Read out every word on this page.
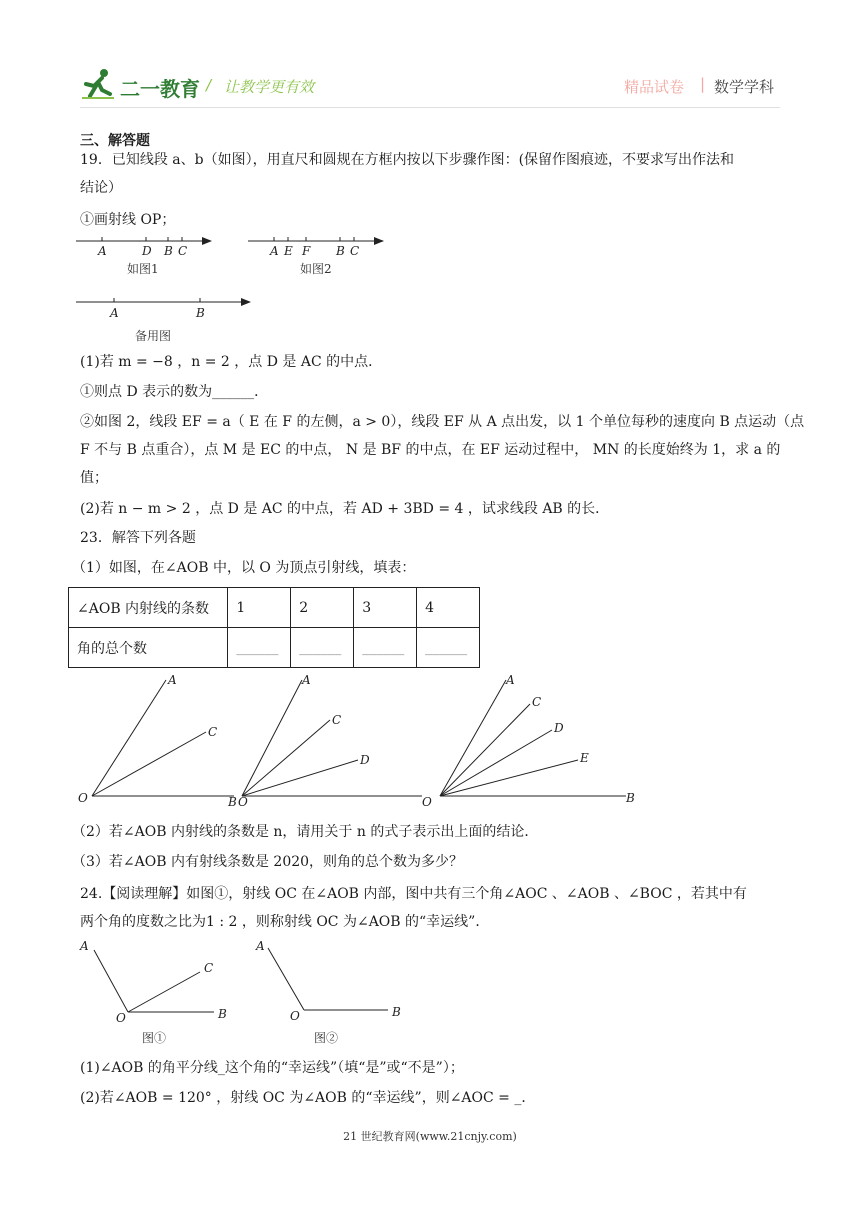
二一教育 / 让教学更有效	精品试卷 | 数学学科
三、解答题
19．已知线段 a、b（如图），用直尺和圆规在方框内按以下步骤作图：(保留作图痕迹，不要求写出作法和
结论）
①画射线 OP；
A	D B C
如图1
A E F B C
如图2
A	B
备用图
(1)若 m = −8 ，n = 2 ，点 D 是 AC 的中点．
①则点 D 表示的数为______．
②如图 2，线段 EF = a（ E 在 F 的左侧，a > 0），线段 EF 从 A 点出发，以 1 个单位每秒的速度向 B 点运动（点
F 不与 B 点重合），点 M 是 EC 的中点， N 是 BF 的中点，在 EF 运动过程中， MN 的长度始终为 1，求 a 的
值；
(2)若 n − m > 2 ，点 D 是 AC 的中点，若 AD + 3BD = 4 ，试求线段 AB 的长．
23．解答下列各题
（1）如图，在∠AOB 中，以 O 为顶点引射线，填表：
∠AOB 内射线的条数	1	2	3	4
角的总个数	______	______	______	______
A
C
O	B
A
C
D
O
A
C
D
E
O	B
（2）若∠AOB 内射线的条数是 n，请用关于 n 的式子表示出上面的结论．
（3）若∠AOB 内有射线条数是 2020，则角的总个数为多少？
24.【阅读理解】如图①，射线 OC 在∠AOB 内部，图中共有三个角∠AOC 、∠AOB 、∠BOC ，若其中有
两个角的度数之比为1 : 2 ，则称射线 OC 为∠AOB 的“幸运线”．
A
C
O	B
A
O	B
图①	图②
(1)∠AOB 的角平分线_这个角的“幸运线”（填“是”或“不是”）；
(2)若∠AOB = 120° ，射线 OC 为∠AOB 的“幸运线”，则∠AOC = _．
21 世纪教育网(www.21cnjy.com)
